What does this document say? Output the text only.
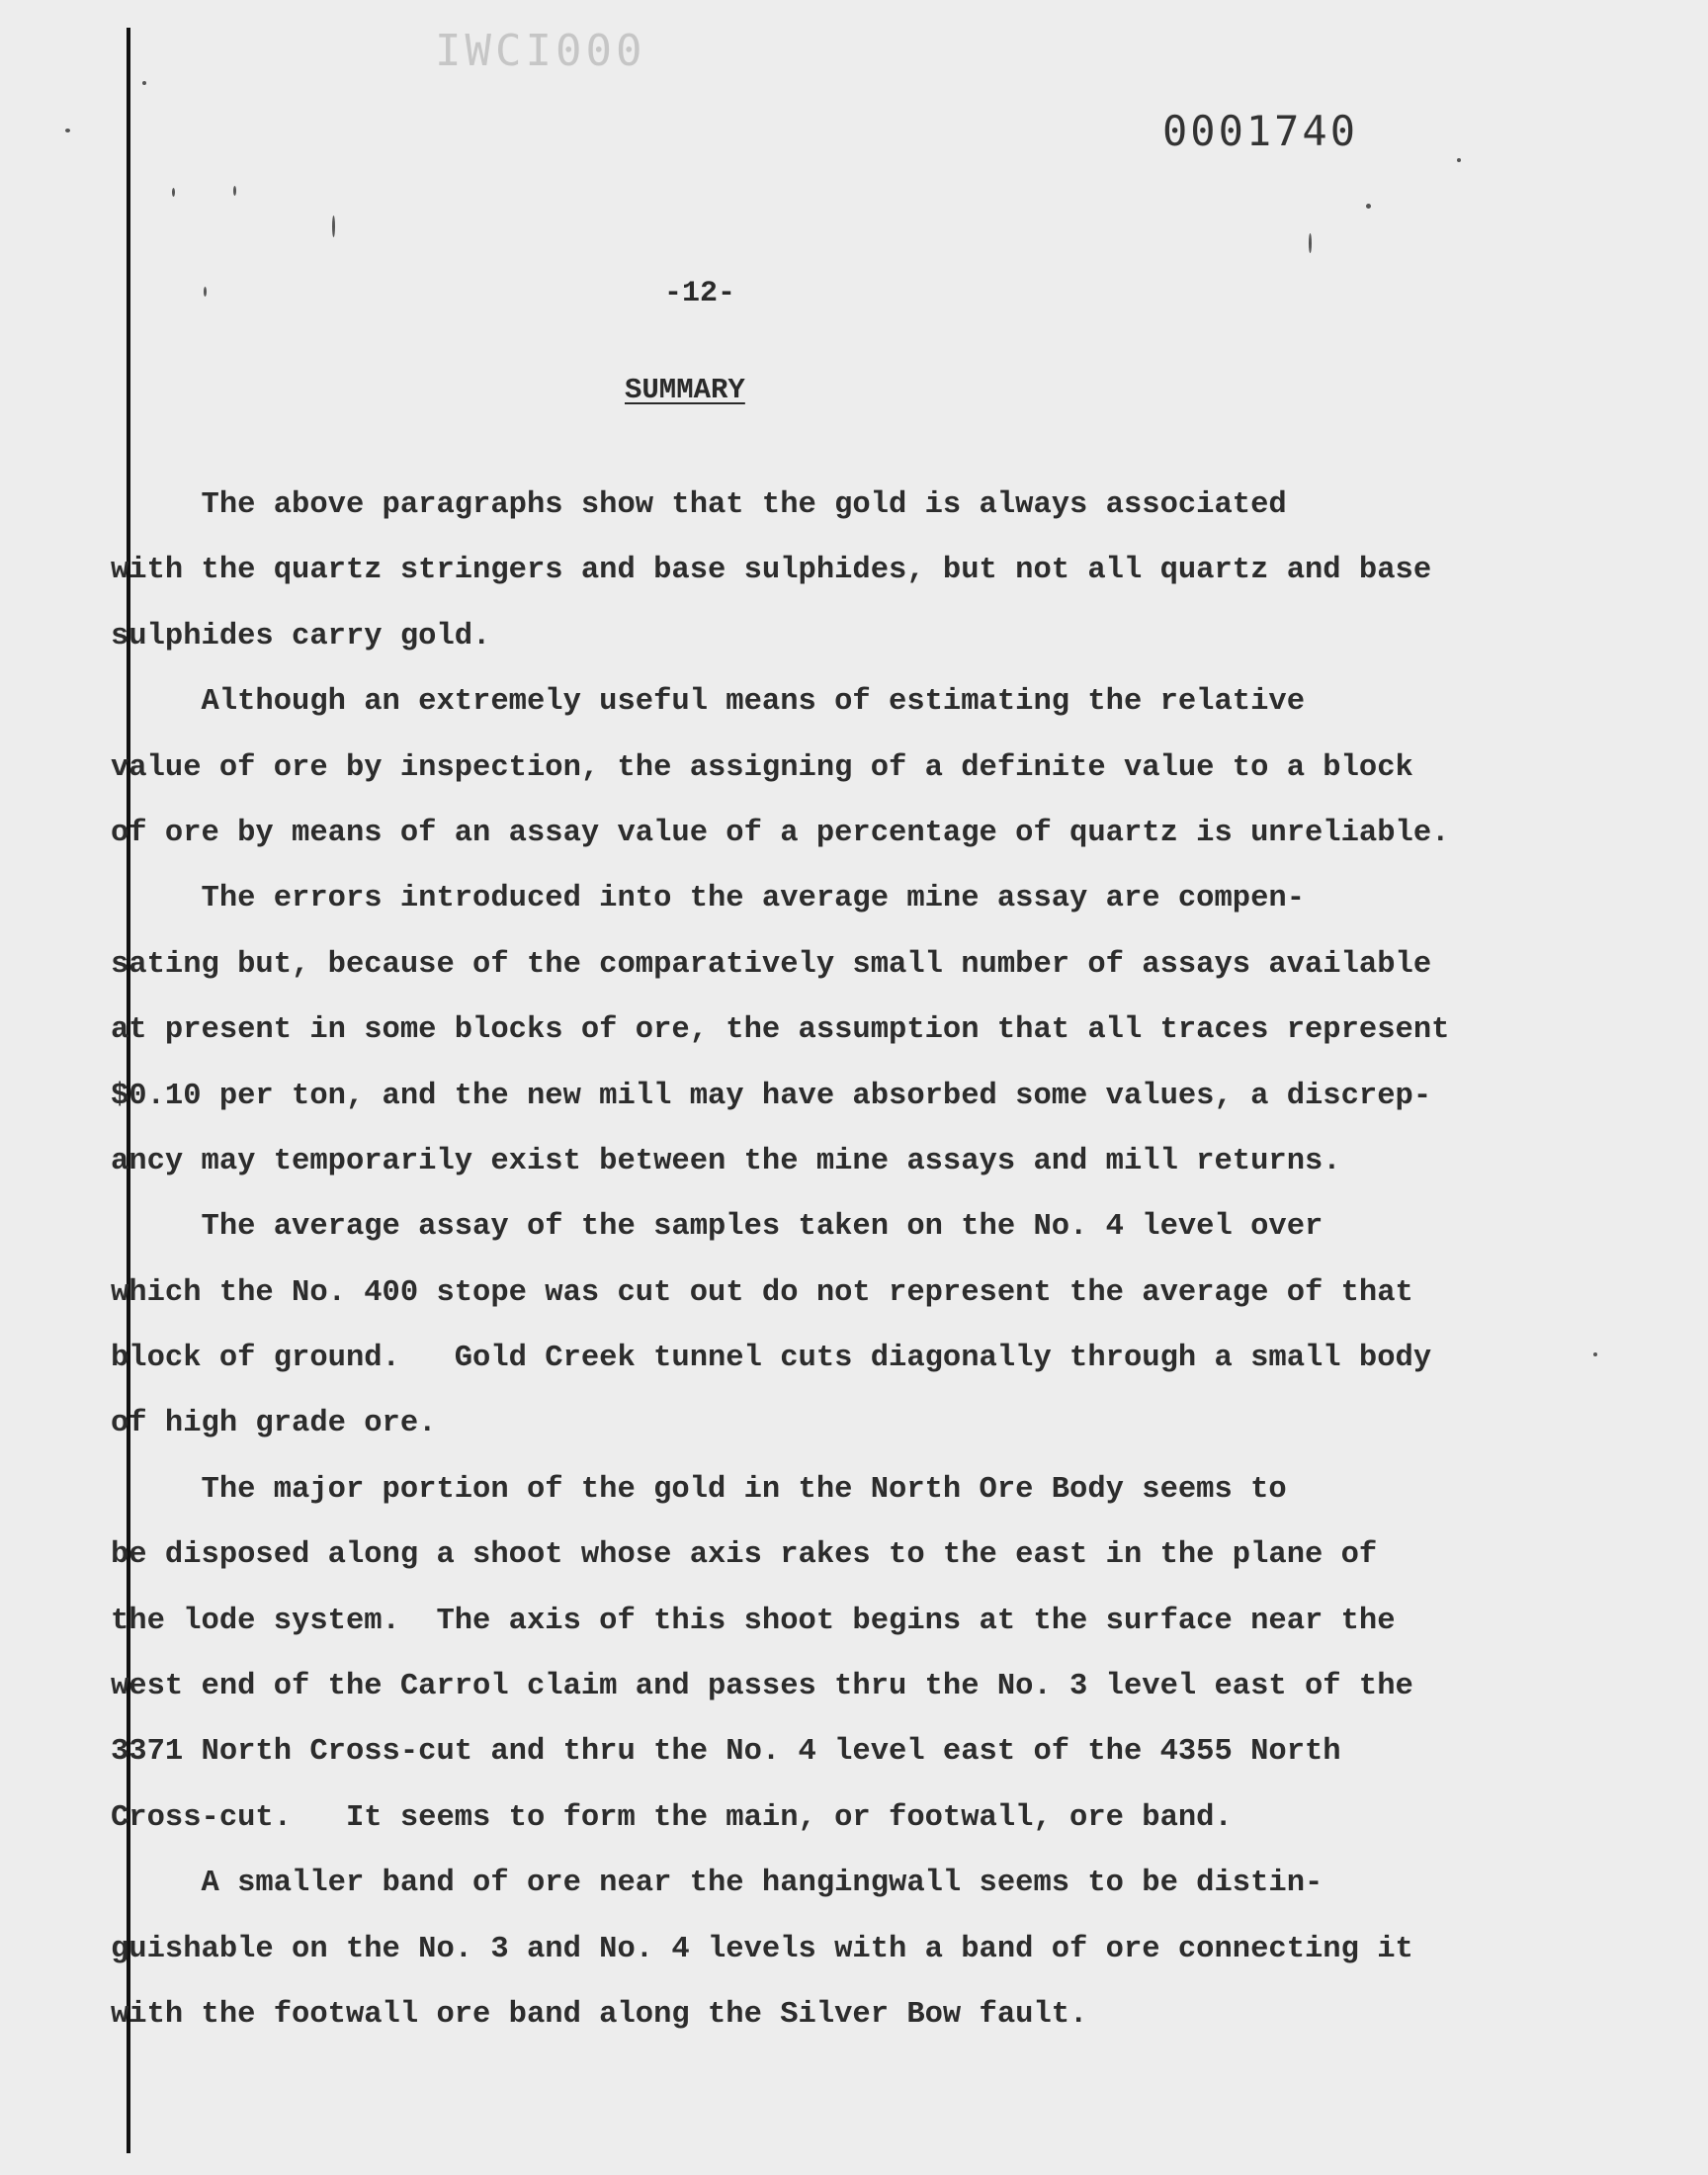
IWCI000
0001740
-12-
SUMMARY
The above paragraphs show that the gold is always associated
with the quartz stringers and base sulphides, but not all quartz and base
sulphides carry gold.
Although an extremely useful means of estimating the relative
value of ore by inspection, the assigning of a definite value to a block
of ore by means of an assay value of a percentage of quartz is unreliable.
The errors introduced into the average mine assay are compen-
sating but, because of the comparatively small number of assays available
at present in some blocks of ore, the assumption that all traces represent
$0.10 per ton, and the new mill may have absorbed some values, a discrep-
ancy may temporarily exist between the mine assays and mill returns.
The average assay of the samples taken on the No. 4 level over
which the No. 400 stope was cut out do not represent the average of that
block of ground.   Gold Creek tunnel cuts diagonally through a small body
of high grade ore.
The major portion of the gold in the North Ore Body seems to
be disposed along a shoot whose axis rakes to the east in the plane of
the lode system.  The axis of this shoot begins at the surface near the
west end of the Carrol claim and passes thru the No. 3 level east of the
3371 North Cross-cut and thru the No. 4 level east of the 4355 North
Cross-cut.   It seems to form the main, or footwall, ore band.
A smaller band of ore near the hangingwall seems to be distin-
guishable on the No. 3 and No. 4 levels with a band of ore connecting it
with the footwall ore band along the Silver Bow fault.
